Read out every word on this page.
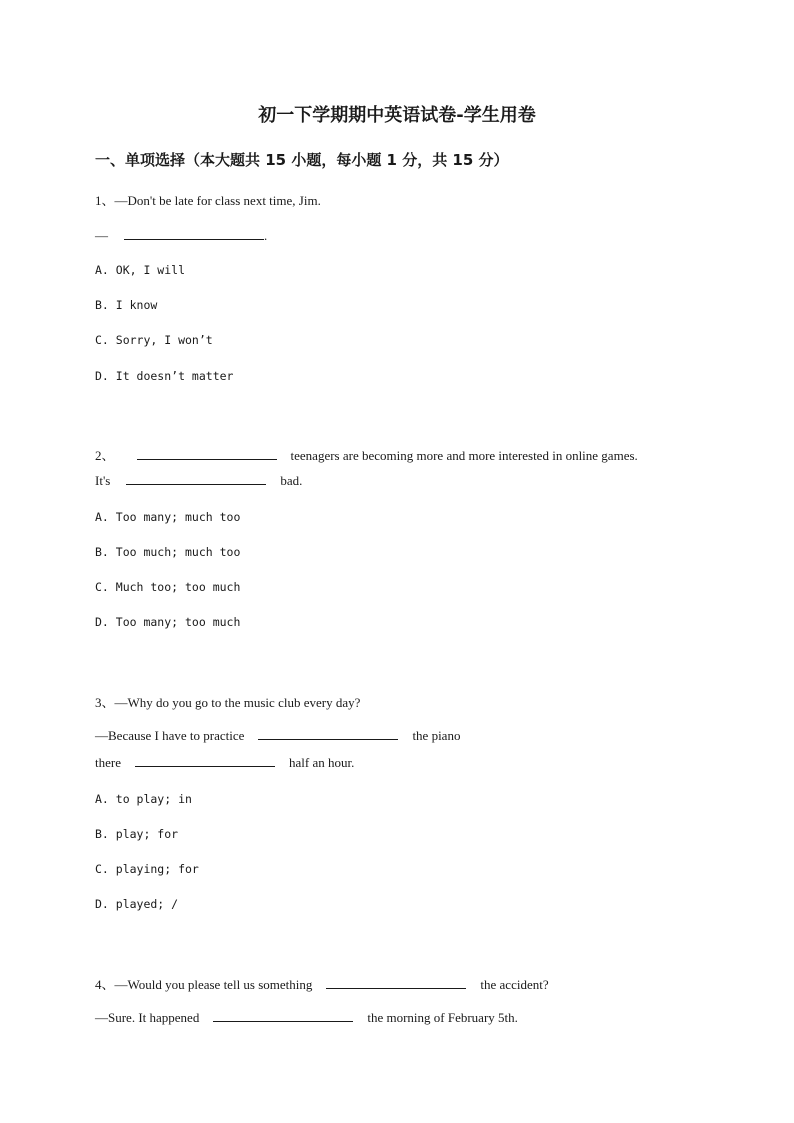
初一下学期期中英语试卷-学生用卷
一、单项选择（本大题共 15 小题，每小题 1 分，共 15 分）
1、—Don't be late for class next time, Jim.
—	.
A. OK, I will
B. I know
C. Sorry, I won’t
D. It doesn’t matter
2、	teenagers are becoming more and more interested in online games.
It's	bad.
A. Too many; much too
B. Too much; much too
C. Much too; too much
D. Too many; too much
3、—Why do you go to the music club every day?
—Because I have to practice	the piano
there	half an hour.
A. to play; in
B. play; for
C. playing; for
D. played; /
4、—Would you please tell us something	the accident?
—Sure. It happened	the morning of February 5th.
